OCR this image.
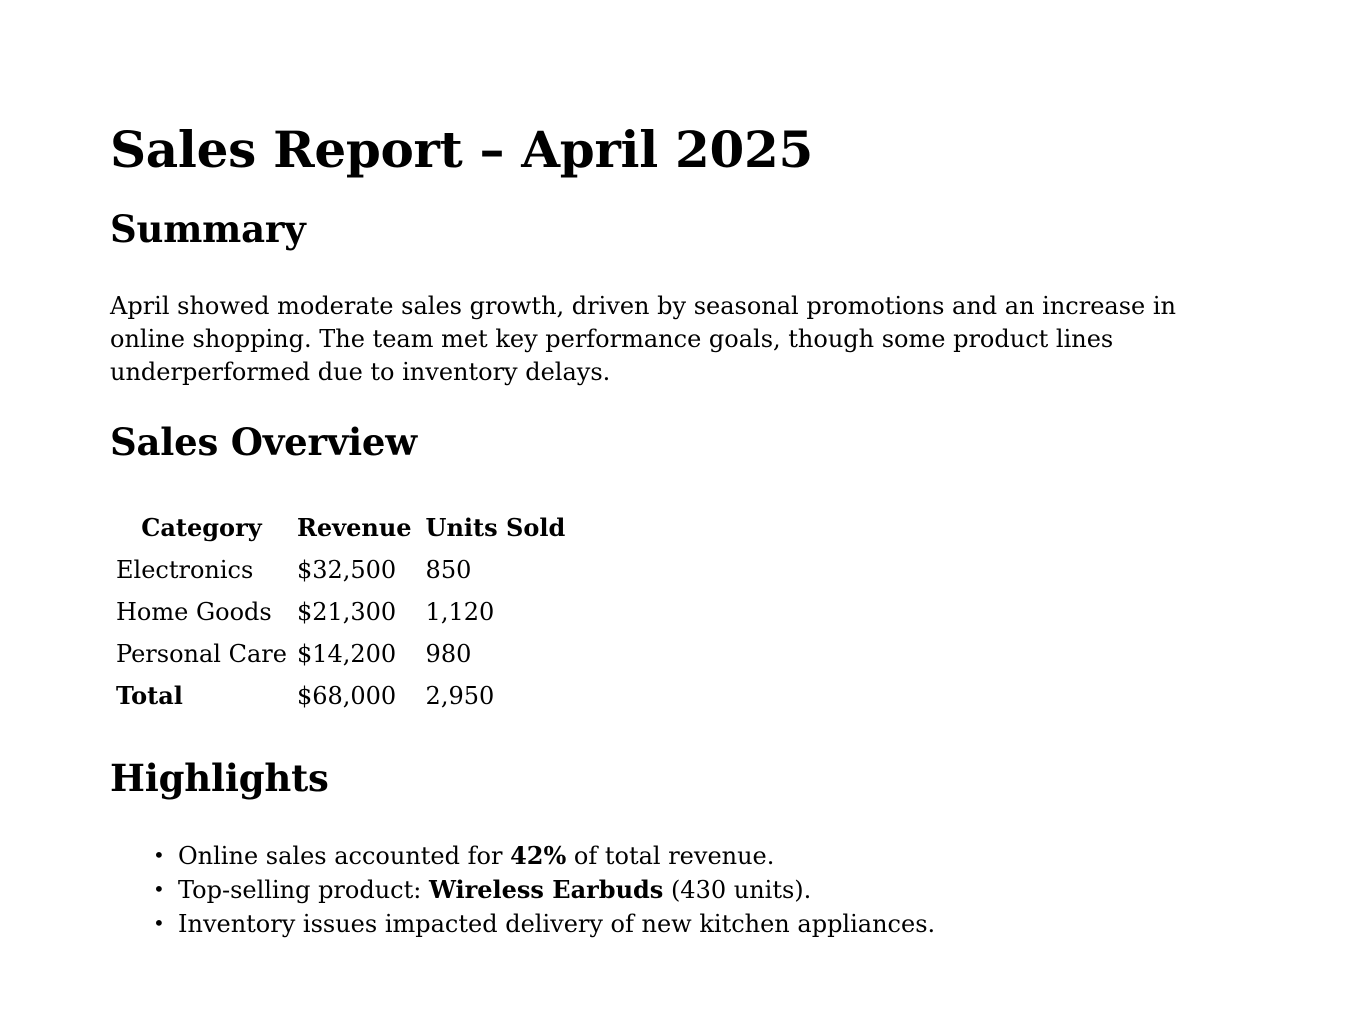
Sales Report – April 2025
Summary

April showed moderate sales growth, driven by seasonal promotions and an increase in online shopping. The team met key performance goals, though some product lines underperformed due to inventory delays.

Sales Overview
Category	Revenue	Units Sold
Electronics	$32,500	850
Home Goods	$21,300	1,120
Personal Care	$14,200	980
Total	$68,000	2,950
Highlights
• Online sales accounted for 42% of total revenue.
• Top-selling product: Wireless Earbuds (430 units).
• Inventory issues impacted delivery of new kitchen appliances.
